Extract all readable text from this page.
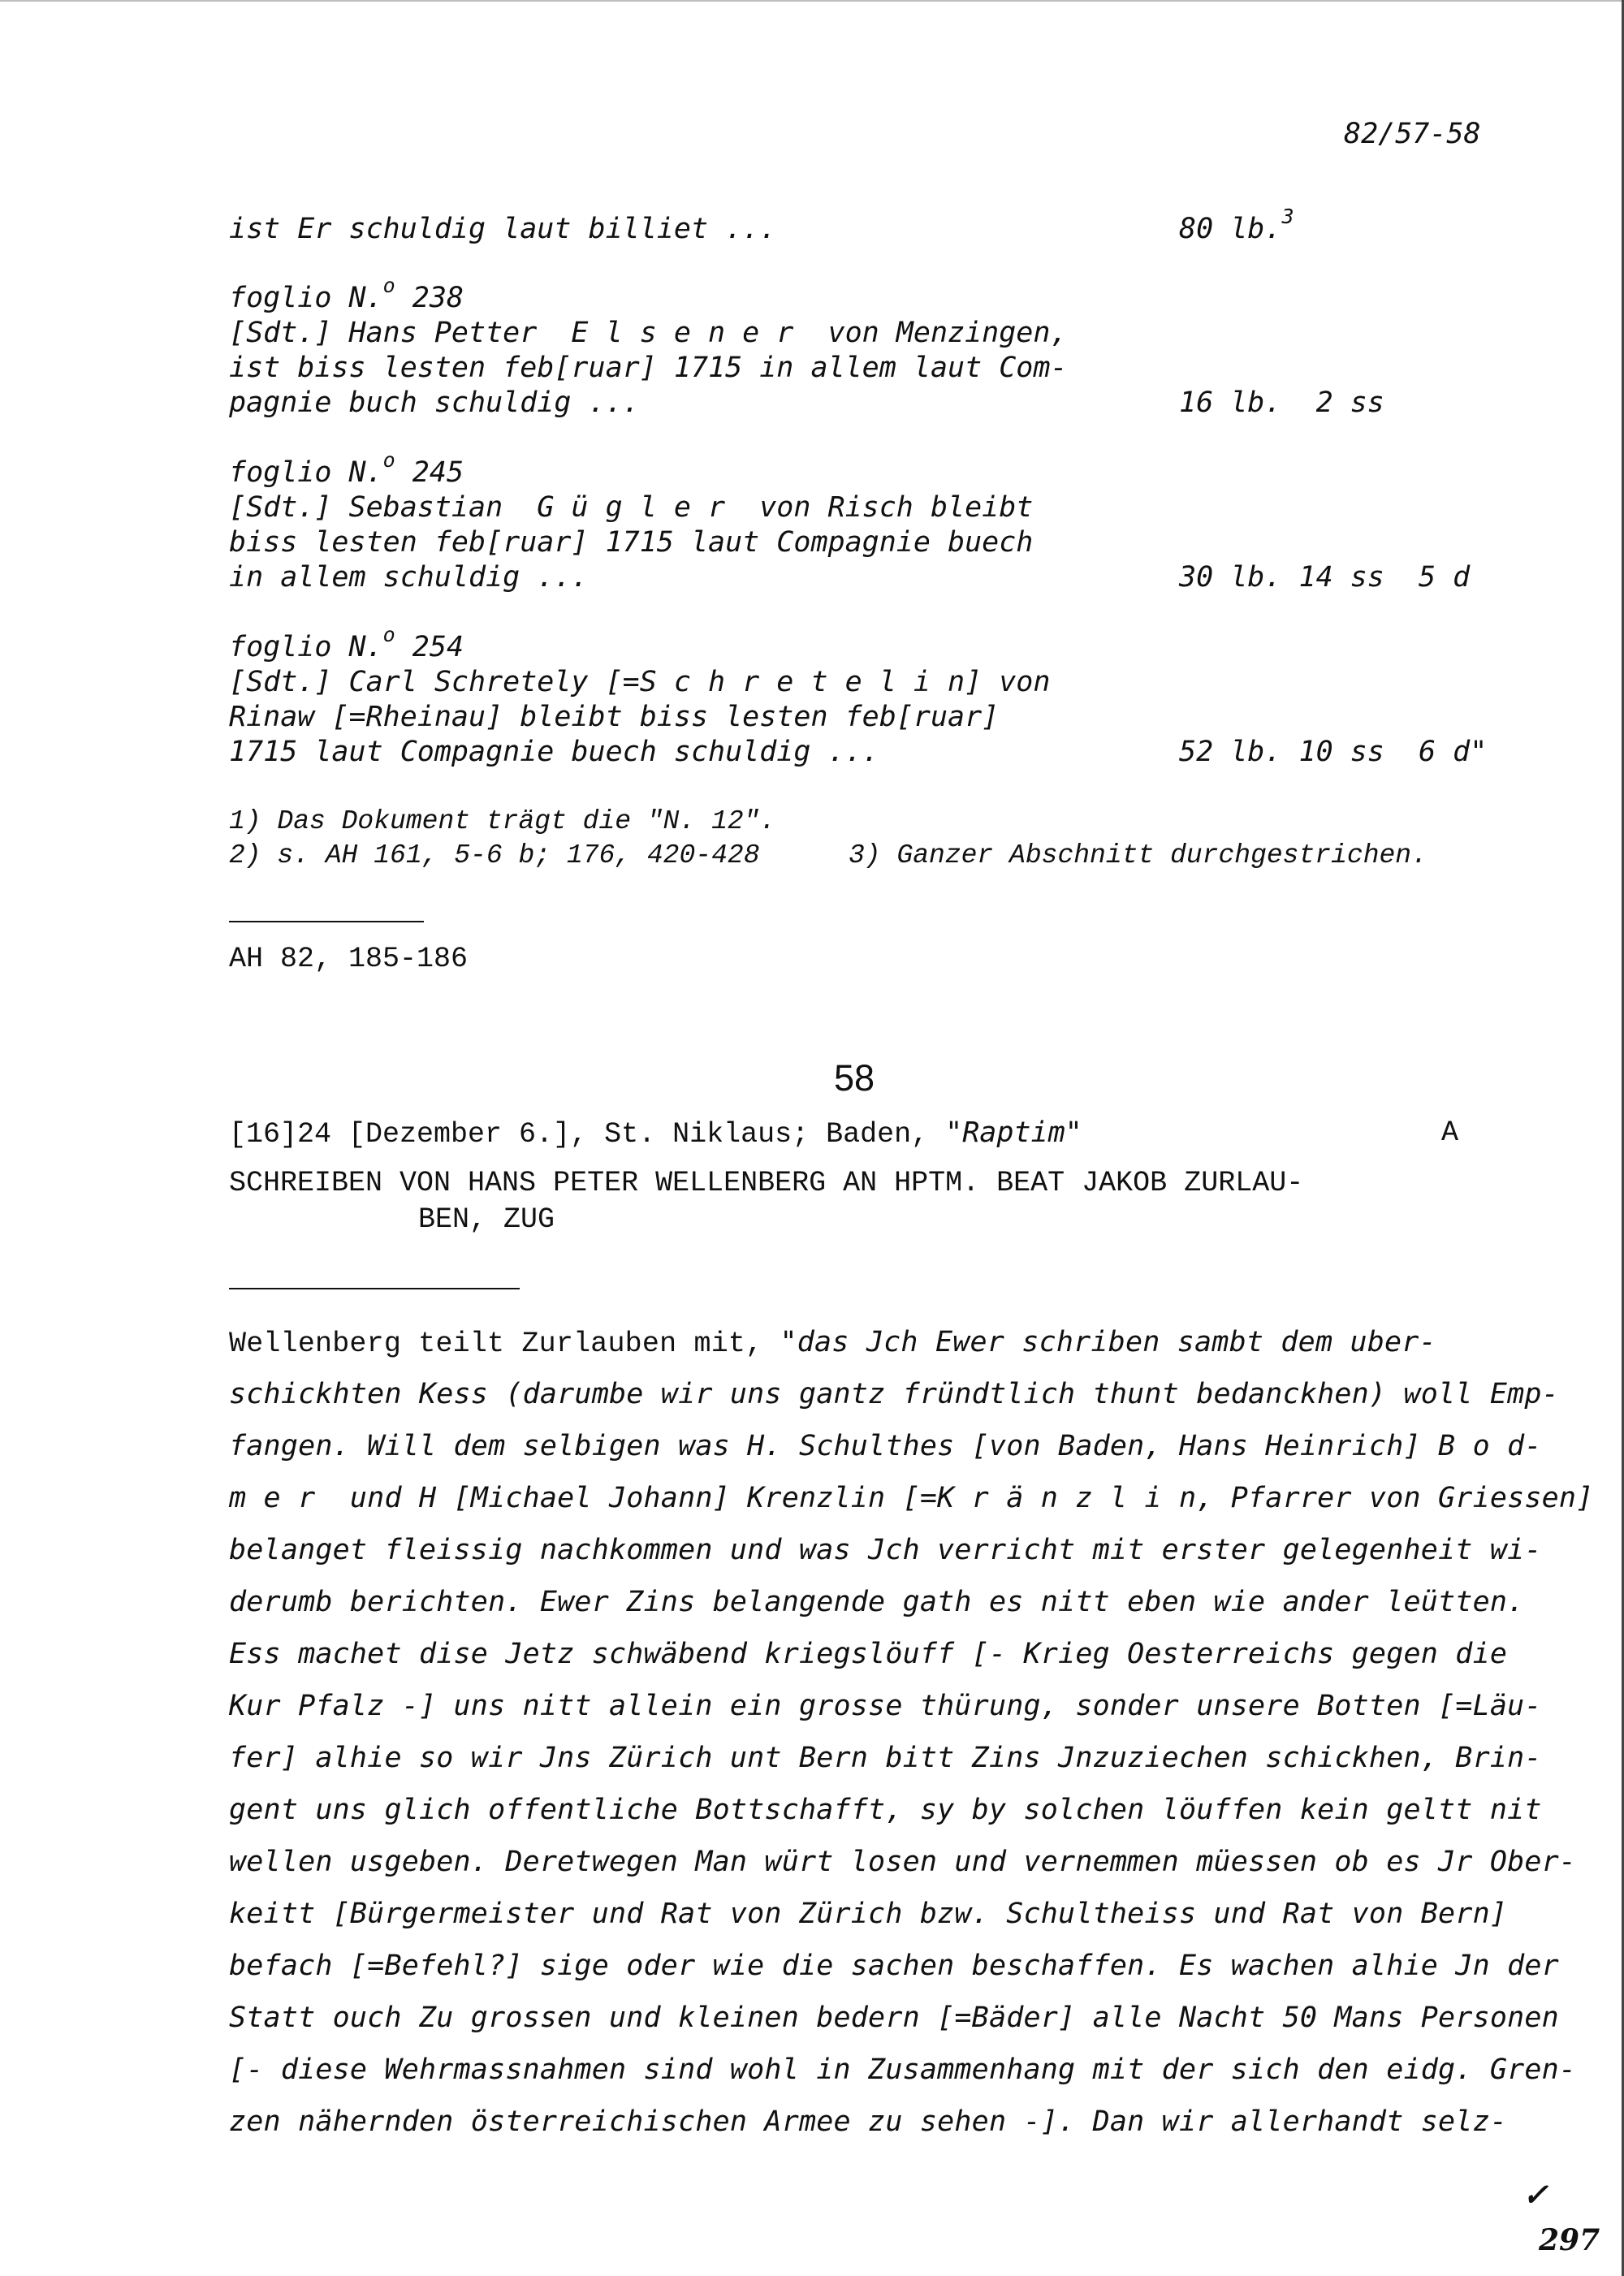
82/57-58
ist Er schuldig laut billiet ...	80 lb.$^3$
foglio N.$^o$ 238
[Sdt.] Hans Petter  E l s e n e r  von Menzingen,
ist biss lesten feb[ruar] 1715 in allem laut Com-
pagnie buch schuldig ...	16 lb.  2 ss
foglio N.$^o$ 245
[Sdt.] Sebastian  G ü g l e r  von Risch bleibt
biss lesten feb[ruar] 1715 laut Compagnie buech
in allem schuldig ...	30 lb. 14 ss  5 d
foglio N.$^o$ 254
[Sdt.] Carl Schretely [=S c h r e t e l i n] von
Rinaw [=Rheinau] bleibt biss lesten feb[ruar]
1715 laut Compagnie buech schuldig ...	52 lb. 10 ss  6 d"
1) Das Dokument trägt die "N. 12".
2) s. AH 161, 5-6 b; 176, 420-428	3) Ganzer Abschnitt durchgestrichen.
AH 82, 185-186
58
[16]24 [Dezember 6.], St. Niklaus; Baden, "Raptim"	A
SCHREIBEN VON HANS PETER WELLENBERG AN HPTM. BEAT JAKOB ZURLAU-
BEN, ZUG
Wellenberg teilt Zurlauben mit, "das Jch Ewer schriben sambt dem uber-
schickhten Kess (darumbe wir uns gantz fründtlich thunt bedanckhen) woll Emp-
fangen. Will dem selbigen was H. Schulthes [von Baden, Hans Heinrich] B o d-
m e r  und H [Michael Johann] Krenzlin [=K r ä n z l i n, Pfarrer von Griessen]
belanget fleissig nachkommen und was Jch verricht mit erster gelegenheit wi-
derumb berichten. Ewer Zins belangende gath es nitt eben wie ander leütten.
Ess machet dise Jetz schwäbend kriegslöuff [- Krieg Oesterreichs gegen die
Kur Pfalz -] uns nitt allein ein grosse thürung, sonder unsere Botten [=Läu-
fer] alhie so wir Jns Zürich unt Bern bitt Zins Jnzuziechen schickhen, Brin-
gent uns glich offentliche Bottschafft, sy by solchen löuffen kein geltt nit
wellen usgeben. Deretwegen Man würt losen und vernemmen müessen ob es Jr Ober-
keitt [Bürgermeister und Rat von Zürich bzw. Schultheiss und Rat von Bern]
befach [=Befehl?] sige oder wie die sachen beschaffen. Es wachen alhie Jn der
Statt ouch Zu grossen und kleinen bedern [=Bäder] alle Nacht 50 Mans Personen
[- diese Wehrmassnahmen sind wohl in Zusammenhang mit der sich den eidg. Gren-
zen nähernden österreichischen Armee zu sehen -]. Dan wir allerhandt selz-
✓
297
